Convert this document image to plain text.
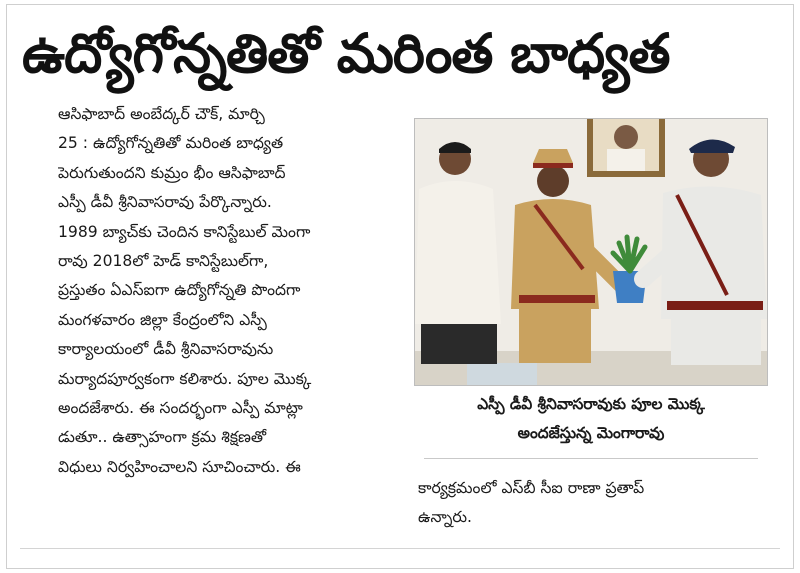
ఉద్యోగోన్నతితో మరింత బాధ్యత
ఆసిఫాబాద్ అంబేద్కర్ చౌక్, మార్చి
25 : ఉద్యోగోన్నతితో మరింత బాధ్యత
పెరుగుతుందని కుమ్రం భీం ఆసిఫాబాద్
ఎస్పీ డీవీ శ్రీనివాసరావు పేర్కొన్నారు.
1989 బ్యాచ్‌కు చెందిన కానిస్టేబుల్ మెంగా
రావు 2018లో హెడ్ కానిస్టేబుల్‌గా,
ప్రస్తుతం ఏఎస్ఐగా ఉద్యోగోన్నతి పొందగా
మంగళవారం జిల్లా కేంద్రంలోని ఎస్పీ
కార్యాలయంలో డీవీ శ్రీనివాసరావును
మర్యాదపూర్వకంగా కలిశారు. పూల మొక్క
అందజేశారు. ఈ సందర్భంగా ఎస్పీ మాట్లా
డుతూ.. ఉత్సాహంగా క్రమ శిక్షణతో
విధులు నిర్వహించాలని సూచించారు. ఈ
ఎస్పీ డీవీ శ్రీనివాసరావుకు పూల మొక్క
అందజేస్తున్న మెంగారావు
కార్యక్రమంలో ఎస్‌బీ సీఐ రాణా ప్రతాప్
ఉన్నారు.
